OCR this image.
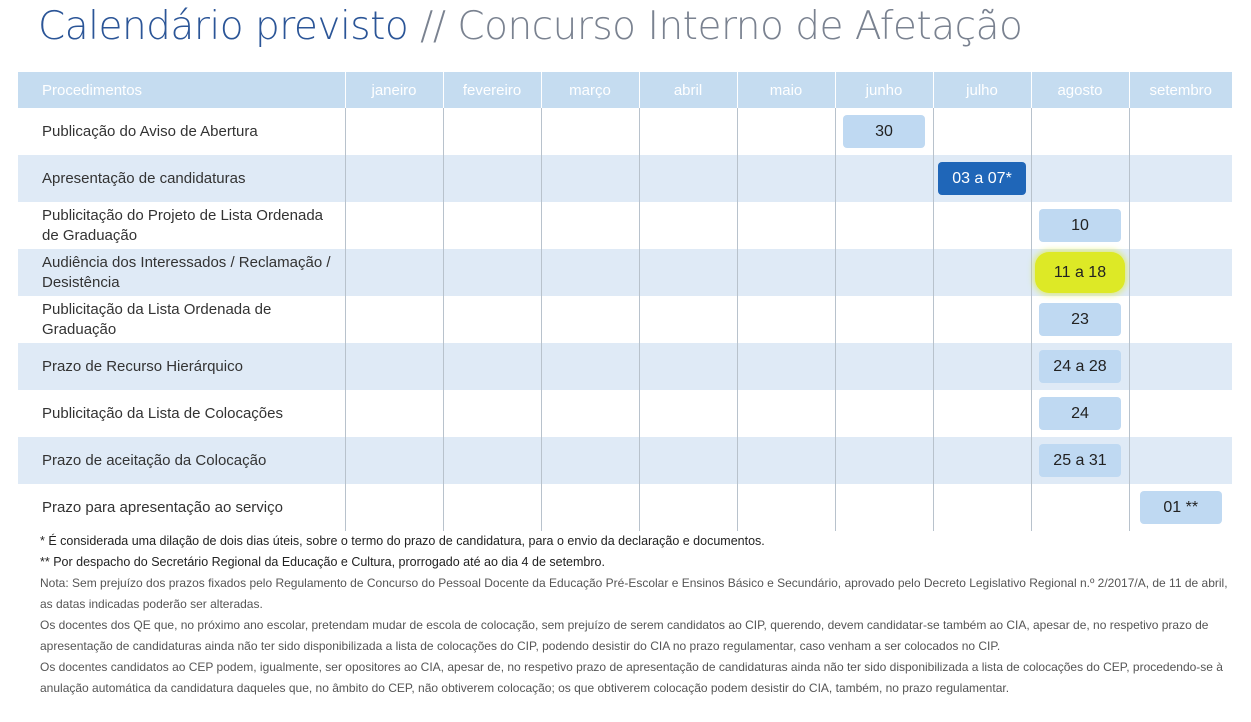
Calendário previsto // Concurso Interno de Afetação
Procedimentos	janeiro	fevereiro	março	abril	maio	junho	julho	agosto	setembro
Publicação do Aviso de Abertura						30			
Apresentação de candidaturas							03 a 07*		
Publicitação do Projeto de Lista Ordenada de Graduação								10	
Audiência dos Interessados / Reclamação / Desistência								11 a 18	
Publicitação da Lista Ordenada de Graduação								23	
Prazo de Recurso Hierárquico								24 a 28	
Publicitação da Lista de Colocações								24	
Prazo de aceitação da Colocação								25 a 31	
Prazo para apresentação ao serviço									01 **

* É considerada uma dilação de dois dias úteis, sobre o termo do prazo de candidatura, para o envio da declaração e documentos.

** Por despacho do Secretário Regional da Educação e Cultura, prorrogado até ao dia 4 de setembro.

Nota: Sem prejuízo dos prazos fixados pelo Regulamento de Concurso do Pessoal Docente da Educação Pré-Escolar e Ensinos Básico e Secundário, aprovado pelo Decreto Legislativo Regional n.º 2/2017/A, de 11 de abril, as datas indicadas poderão ser alteradas.

Os docentes dos QE que, no próximo ano escolar, pretendam mudar de escola de colocação, sem prejuízo de serem candidatos ao CIP, querendo, devem candidatar-se também ao CIA, apesar de, no respetivo prazo de apresentação de candidaturas ainda não ter sido disponibilizada a lista de colocações do CIP, podendo desistir do CIA no prazo regulamentar, caso venham a ser colocados no CIP.

Os docentes candidatos ao CEP podem, igualmente, ser opositores ao CIA, apesar de, no respetivo prazo de apresentação de candidaturas ainda não ter sido disponibilizada a lista de colocações do CEP, procedendo-se à anulação automática da candidatura daqueles que, no âmbito do CEP, não obtiverem colocação; os que obtiverem colocação podem desistir do CIA, também, no prazo regulamentar.
